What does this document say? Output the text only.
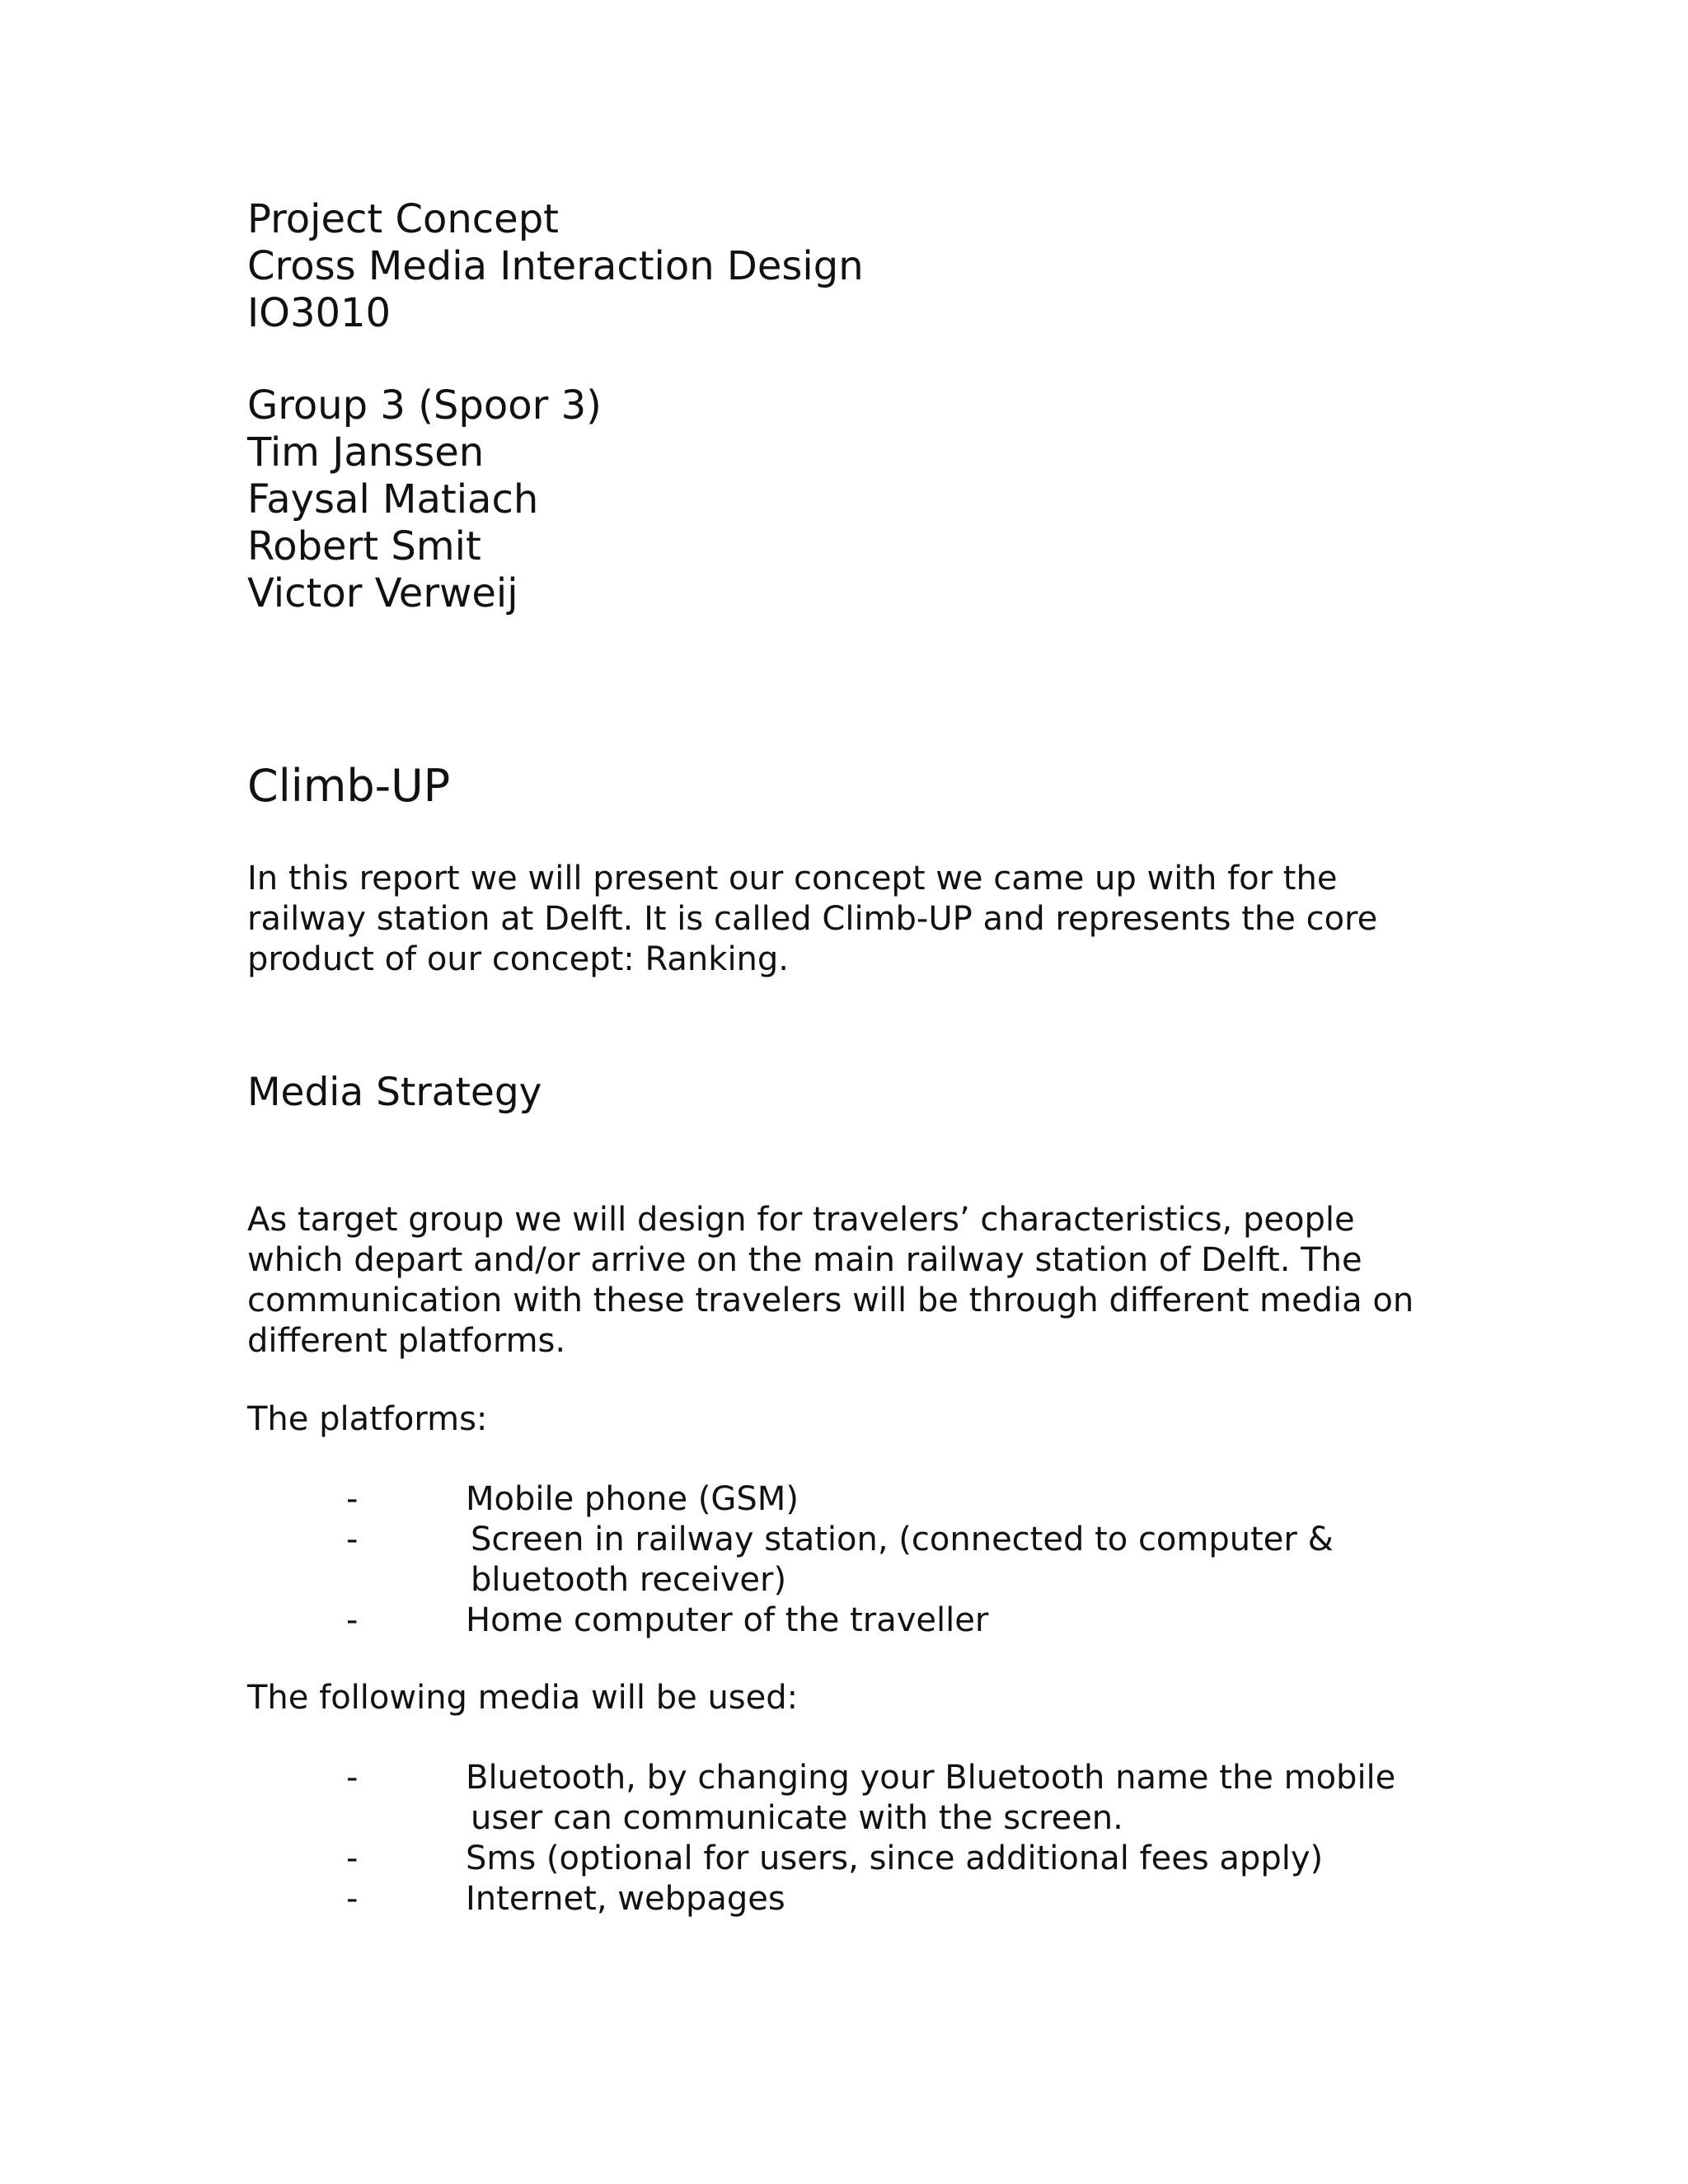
Project Concept
Cross Media Interaction Design
IO3010
Group 3 (Spoor 3)
Tim Janssen
Faysal Matiach
Robert Smit
Victor Verweij
Climb-UP
In this report we will present our concept we came up with for the
railway station at Delft. It is called Climb-UP and represents the core
product of our concept: Ranking.
Media Strategy
As target group we will design for travelers’ characteristics, people
which depart and/or arrive on the main railway station of Delft. The
communication with these travelers will be through different media on
different platforms.
The platforms:
-	Mobile phone (GSM)
-	Screen in railway station, (connected to computer &
bluetooth receiver)
-	Home computer of the traveller
The following media will be used:
-	Bluetooth, by changing your Bluetooth name the mobile
user can communicate with the screen.
-	Sms (optional for users, since additional fees apply)
-	Internet, webpages
